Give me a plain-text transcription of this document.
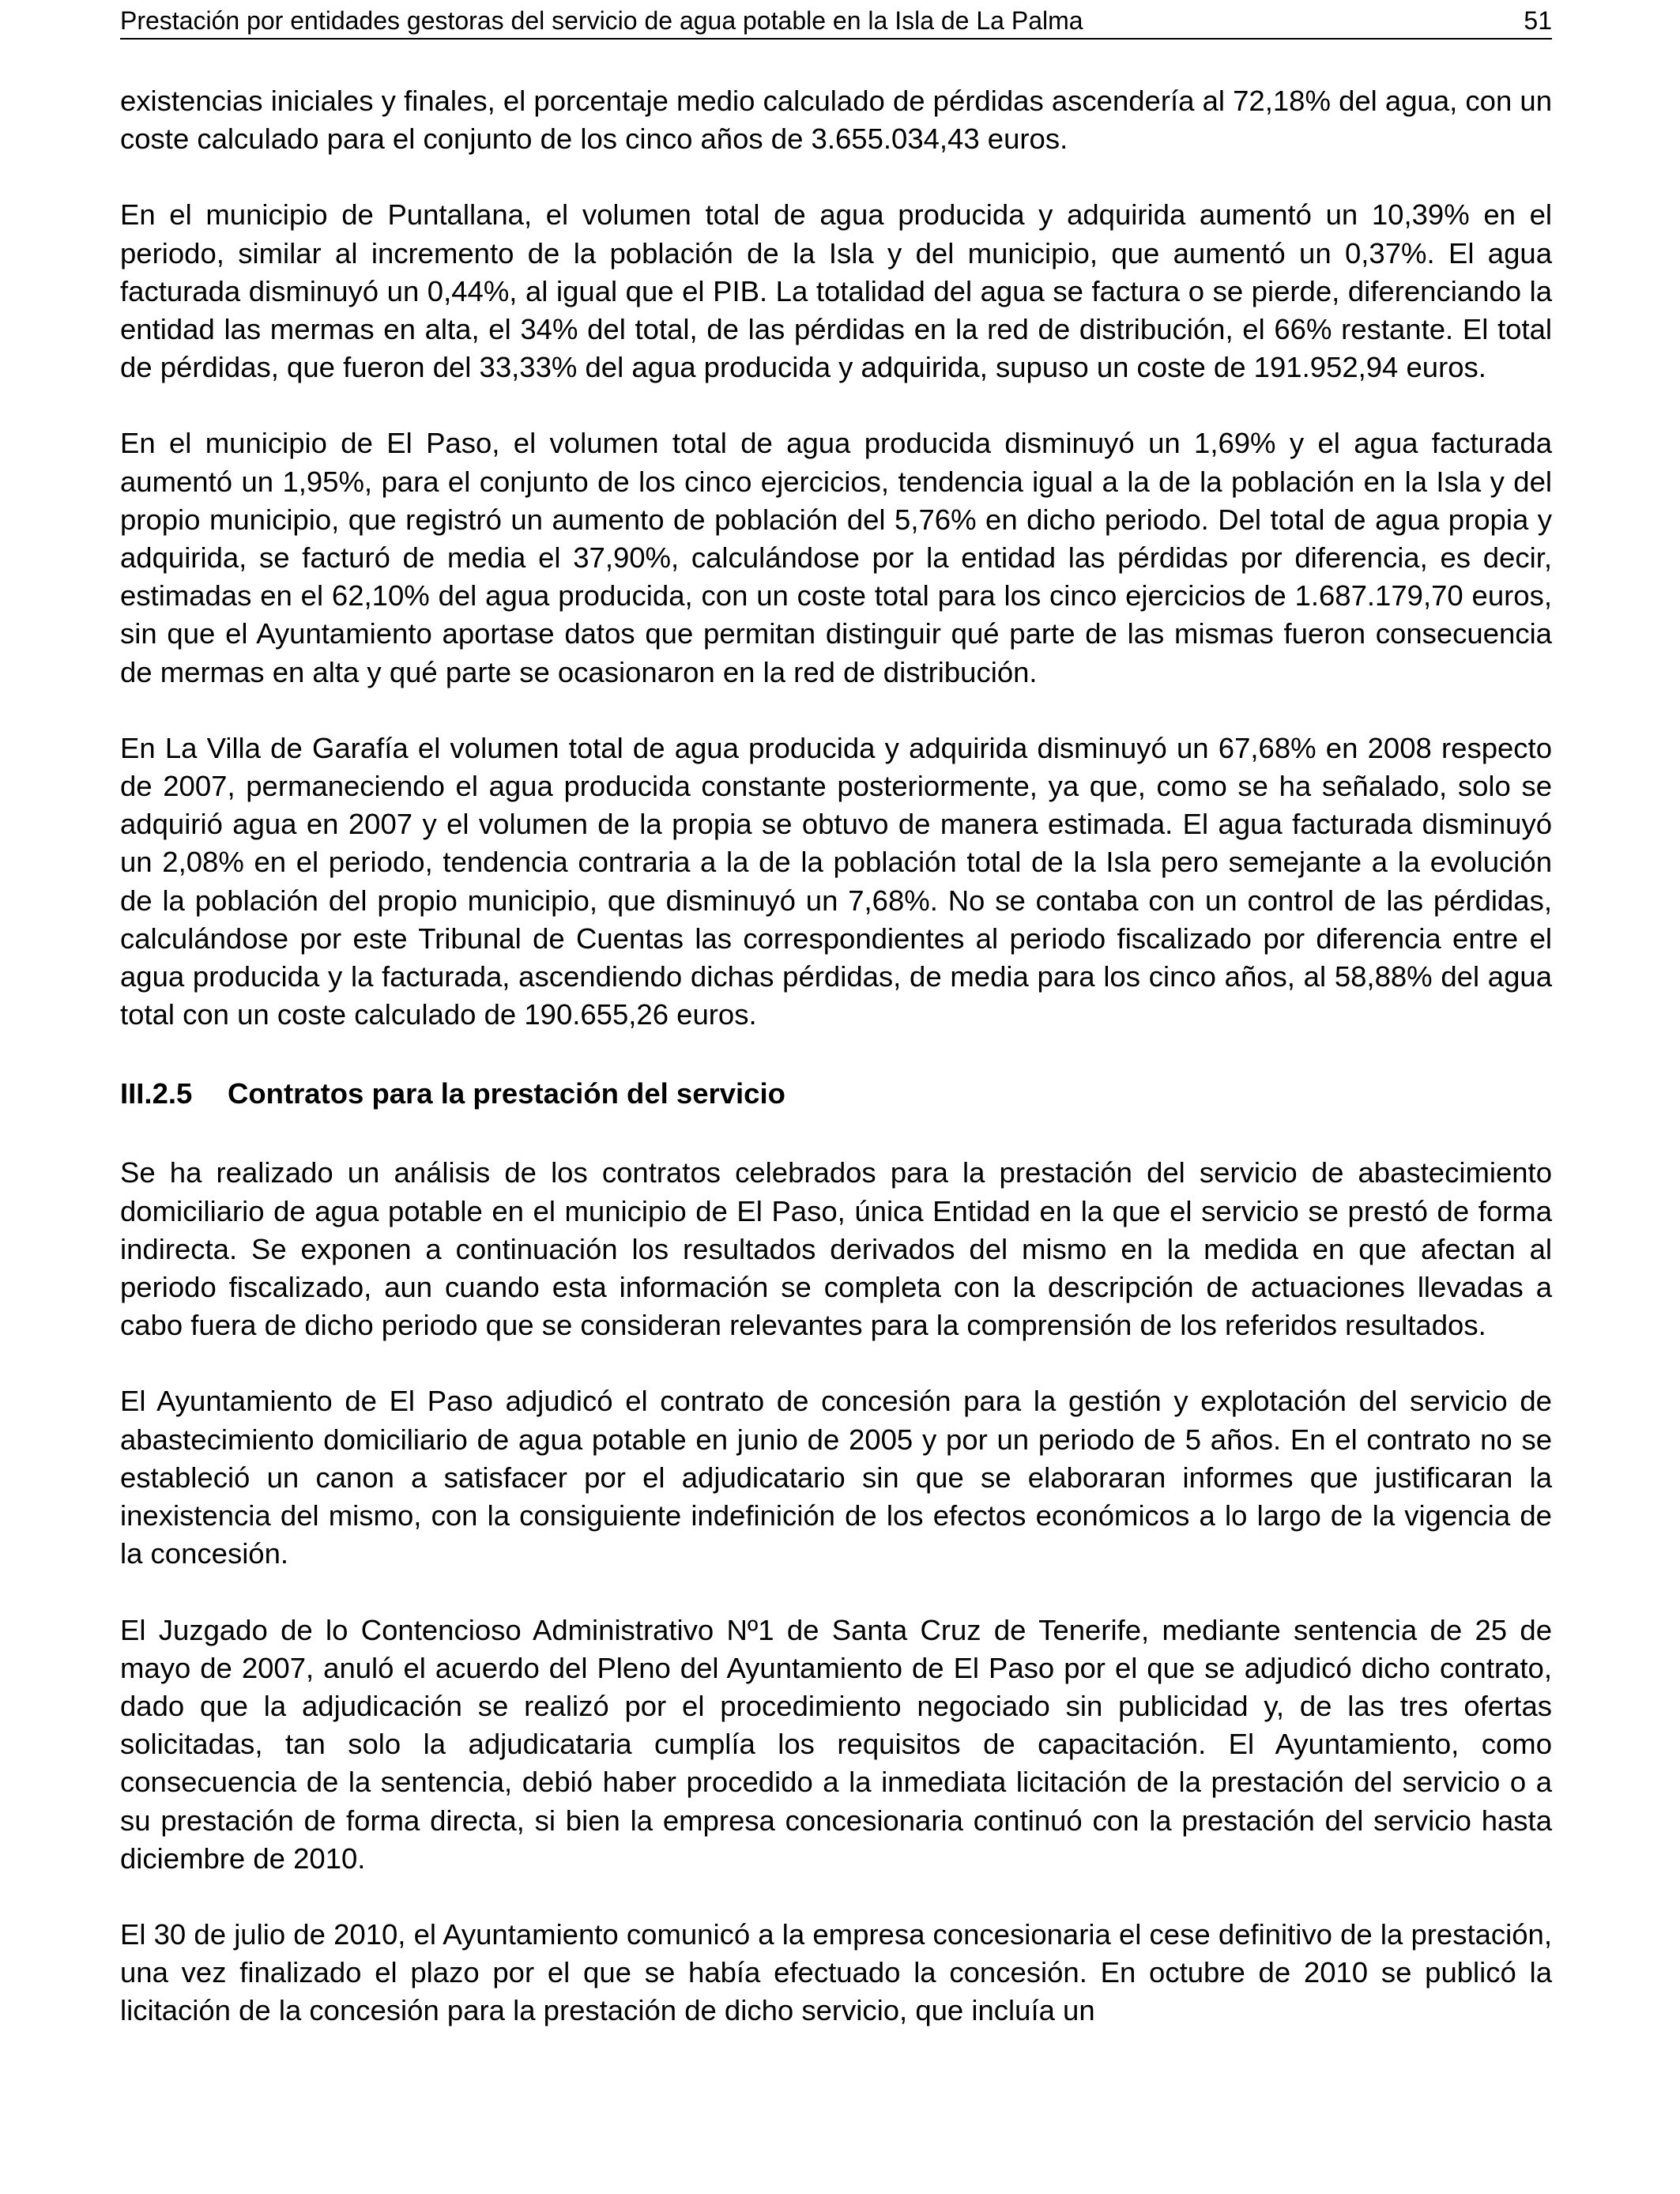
Prestación por entidades gestoras del servicio de agua potable en la Isla de La Palma	51

existencias iniciales y finales, el porcentaje medio calculado de pérdidas ascendería al 72,18% del agua, con un coste calculado para el conjunto de los cinco años de 3.655.034,43 euros.

En el municipio de Puntallana, el volumen total de agua producida y adquirida aumentó un 10,39% en el periodo, similar al incremento de la población de la Isla y del municipio, que aumentó un 0,37%. El agua facturada disminuyó un 0,44%, al igual que el PIB. La totalidad del agua se factura o se pierde, diferenciando la entidad las mermas en alta, el 34% del total, de las pérdidas en la red de distribución, el 66% restante. El total de pérdidas, que fueron del 33,33% del agua producida y adquirida, supuso un coste de 191.952,94 euros.

En el municipio de El Paso, el volumen total de agua producida disminuyó un 1,69% y el agua facturada aumentó un 1,95%, para el conjunto de los cinco ejercicios, tendencia igual a la de la población en la Isla y del propio municipio, que registró un aumento de población del 5,76% en dicho periodo. Del total de agua propia y adquirida, se facturó de media el 37,90%, calculándose por la entidad las pérdidas por diferencia, es decir, estimadas en el 62,10% del agua producida, con un coste total para los cinco ejercicios de 1.687.179,70 euros, sin que el Ayuntamiento aportase datos que permitan distinguir qué parte de las mismas fueron consecuencia de mermas en alta y qué parte se ocasionaron en la red de distribución.

En La Villa de Garafía el volumen total de agua producida y adquirida disminuyó un 67,68% en 2008 respecto de 2007, permaneciendo el agua producida constante posteriormente, ya que, como se ha señalado, solo se adquirió agua en 2007 y el volumen de la propia se obtuvo de manera estimada. El agua facturada disminuyó un 2,08% en el periodo, tendencia contraria a la de la población total de la Isla pero semejante a la evolución de la población del propio municipio, que disminuyó un 7,68%. No se contaba con un control de las pérdidas, calculándose por este Tribunal de Cuentas las correspondientes al periodo fiscalizado por diferencia entre el agua producida y la facturada, ascendiendo dichas pérdidas, de media para los cinco años, al 58,88% del agua total con un coste calculado de 190.655,26 euros.

III.2.5 Contratos para la prestación del servicio

Se ha realizado un análisis de los contratos celebrados para la prestación del servicio de abastecimiento domiciliario de agua potable en el municipio de El Paso, única Entidad en la que el servicio se prestó de forma indirecta. Se exponen a continuación los resultados derivados del mismo en la medida en que afectan al periodo fiscalizado, aun cuando esta información se completa con la descripción de actuaciones llevadas a cabo fuera de dicho periodo que se consideran relevantes para la comprensión de los referidos resultados.

El Ayuntamiento de El Paso adjudicó el contrato de concesión para la gestión y explotación del servicio de abastecimiento domiciliario de agua potable en junio de 2005 y por un periodo de 5 años. En el contrato no se estableció un canon a satisfacer por el adjudicatario sin que se elaboraran informes que justificaran la inexistencia del mismo, con la consiguiente indefinición de los efectos económicos a lo largo de la vigencia de la concesión.

El Juzgado de lo Contencioso Administrativo Nº1 de Santa Cruz de Tenerife, mediante sentencia de 25 de mayo de 2007, anuló el acuerdo del Pleno del Ayuntamiento de El Paso por el que se adjudicó dicho contrato, dado que la adjudicación se realizó por el procedimiento negociado sin publicidad y, de las tres ofertas solicitadas, tan solo la adjudicataria cumplía los requisitos de capacitación. El Ayuntamiento, como consecuencia de la sentencia, debió haber procedido a la inmediata licitación de la prestación del servicio o a su prestación de forma directa, si bien la empresa concesionaria continuó con la prestación del servicio hasta diciembre de 2010.

El 30 de julio de 2010, el Ayuntamiento comunicó a la empresa concesionaria el cese definitivo de la prestación, una vez finalizado el plazo por el que se había efectuado la concesión. En octubre de 2010 se publicó la licitación de la concesión para la prestación de dicho servicio, que incluía un
